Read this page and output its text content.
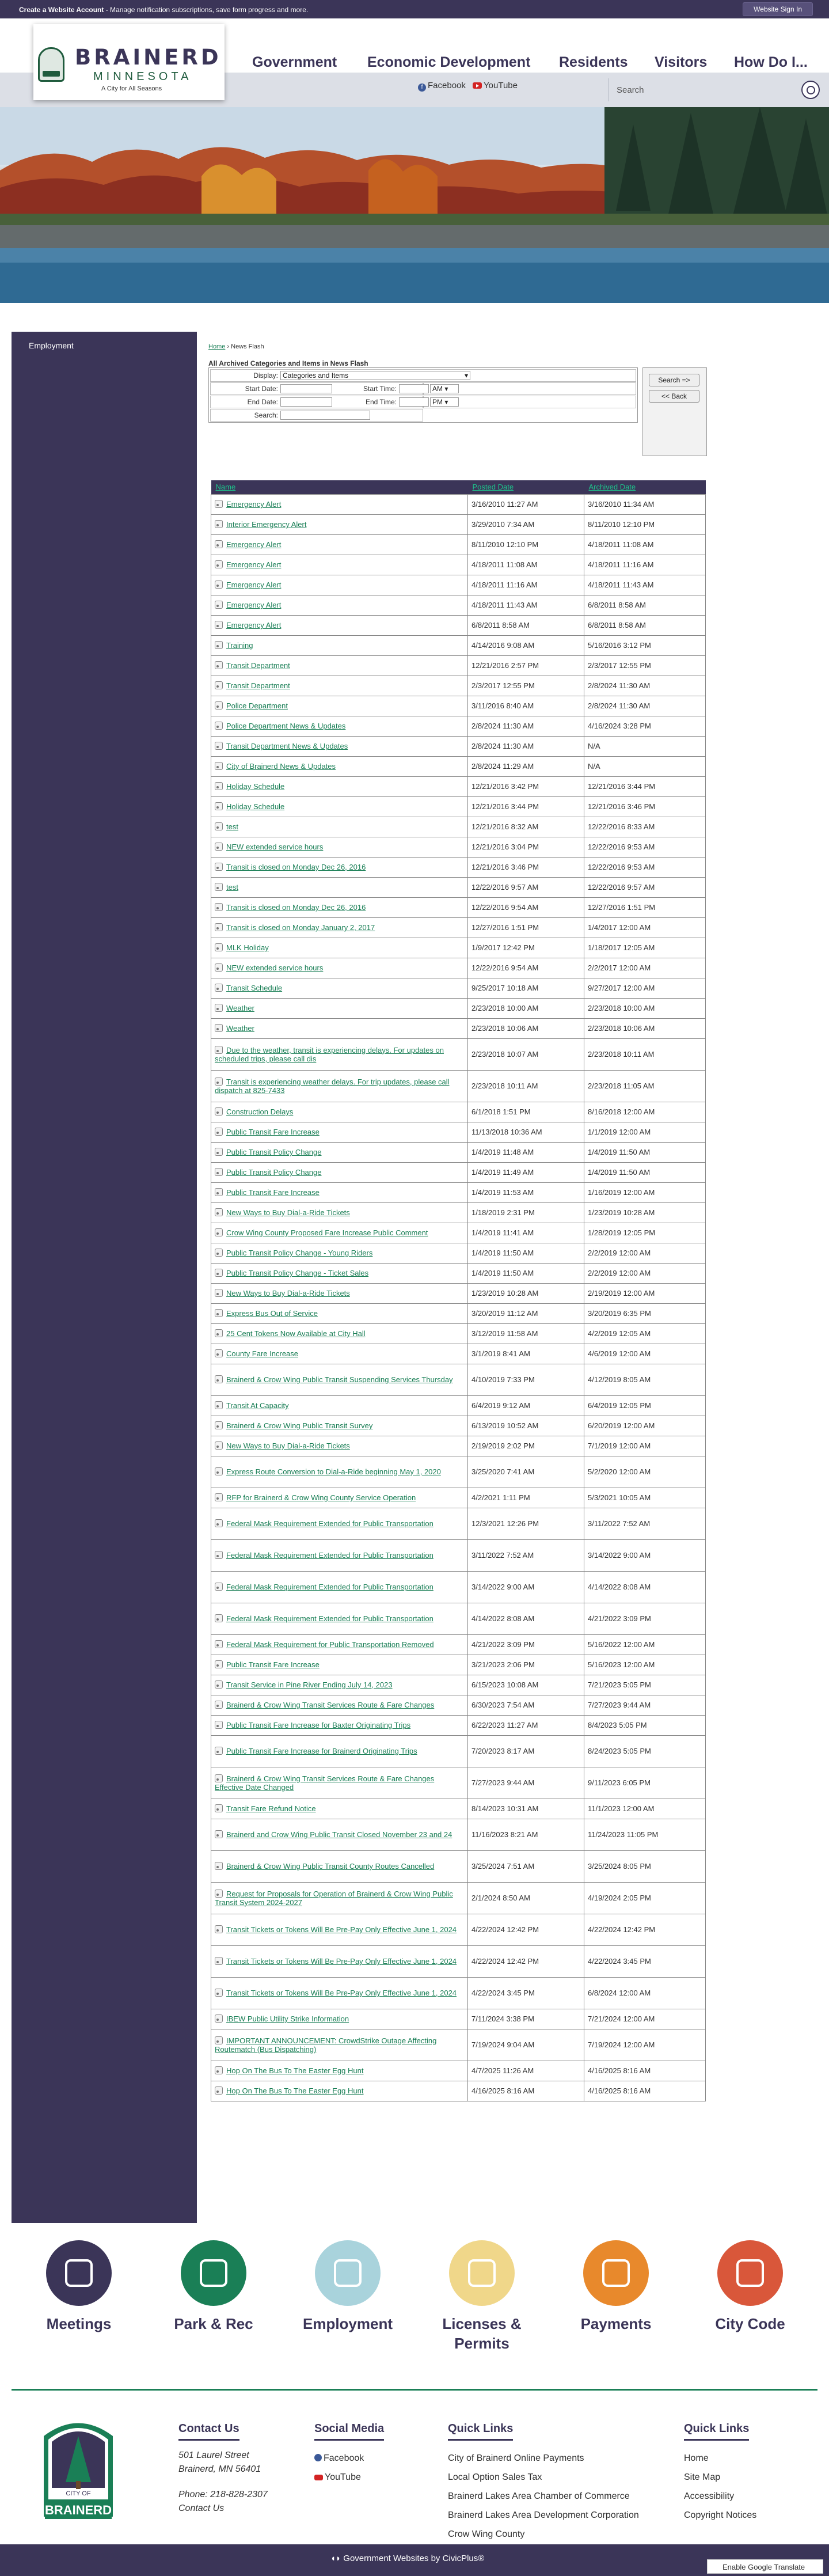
Create a Website Account - Manage notification subscriptions, save form progress and more.	Website Sign In
Government Economic Development Residents Visitors How Do I...
BRAINERD
MINNESOTA
A City for All Seasons	f Facebook YouTube	Search
Employment	Home › News Flash
All Archived Categories and Items in News Flash
Display: Categories and Items	▾
Start Date:	Start Time:	AM ▾
End Date:	End Time:	PM ▾
Search:
Search =>
<< Back
Name	Posted Date	Archived Date
Emergency Alert	3/16/2010 11:27 AM	3/16/2010 11:34 AM
Interior Emergency Alert	3/29/2010 7:34 AM	8/11/2010 12:10 PM
Emergency Alert	8/11/2010 12:10 PM	4/18/2011 11:08 AM
Emergency Alert	4/18/2011 11:08 AM	4/18/2011 11:16 AM
Emergency Alert	4/18/2011 11:16 AM	4/18/2011 11:43 AM
Emergency Alert	4/18/2011 11:43 AM	6/8/2011 8:58 AM
Emergency Alert	6/8/2011 8:58 AM	6/8/2011 8:58 AM
Training	4/14/2016 9:08 AM	5/16/2016 3:12 PM
Transit Department	12/21/2016 2:57 PM	2/3/2017 12:55 PM
Transit Department	2/3/2017 12:55 PM	2/8/2024 11:30 AM
Police Department	3/11/2016 8:40 AM	2/8/2024 11:30 AM
Police Department News & Updates	2/8/2024 11:30 AM	4/16/2024 3:28 PM
Transit Department News & Updates	2/8/2024 11:30 AM	N/A
City of Brainerd News & Updates	2/8/2024 11:29 AM	N/A
Holiday Schedule	12/21/2016 3:42 PM	12/21/2016 3:44 PM
Holiday Schedule	12/21/2016 3:44 PM	12/21/2016 3:46 PM
test	12/21/2016 8:32 AM	12/22/2016 8:33 AM
NEW extended service hours	12/21/2016 3:04 PM	12/22/2016 9:53 AM
Transit is closed on Monday Dec 26, 2016	12/21/2016 3:46 PM	12/22/2016 9:53 AM
test	12/22/2016 9:57 AM	12/22/2016 9:57 AM
Transit is closed on Monday Dec 26, 2016	12/22/2016 9:54 AM	12/27/2016 1:51 PM
Transit is closed on Monday January 2, 2017	12/27/2016 1:51 PM	1/4/2017 12:00 AM
MLK Holiday	1/9/2017 12:42 PM	1/18/2017 12:05 AM
NEW extended service hours	12/22/2016 9:54 AM	2/2/2017 12:00 AM
Transit Schedule	9/25/2017 10:18 AM	9/27/2017 12:00 AM
Weather	2/23/2018 10:00 AM	2/23/2018 10:00 AM
Weather	2/23/2018 10:06 AM	2/23/2018 10:06 AM
Due to the weather, transit is experiencing delays. For updates on scheduled trips, please call dis	2/23/2018 10:07 AM	2/23/2018 10:11 AM
Transit is experiencing weather delays. For trip updates, please call dispatch at 825-7433	2/23/2018 10:11 AM	2/23/2018 11:05 AM
Construction Delays	6/1/2018 1:51 PM	8/16/2018 12:00 AM
Public Transit Fare Increase	11/13/2018 10:36 AM	1/1/2019 12:00 AM
Public Transit Policy Change	1/4/2019 11:48 AM	1/4/2019 11:50 AM
Public Transit Policy Change	1/4/2019 11:49 AM	1/4/2019 11:50 AM
Public Transit Fare Increase	1/4/2019 11:53 AM	1/16/2019 12:00 AM
New Ways to Buy Dial-a-Ride Tickets	1/18/2019 2:31 PM	1/23/2019 10:28 AM
Crow Wing County Proposed Fare Increase Public Comment	1/4/2019 11:41 AM	1/28/2019 12:05 PM
Public Transit Policy Change - Young Riders	1/4/2019 11:50 AM	2/2/2019 12:00 AM
Public Transit Policy Change - Ticket Sales	1/4/2019 11:50 AM	2/2/2019 12:00 AM
New Ways to Buy Dial-a-Ride Tickets	1/23/2019 10:28 AM	2/19/2019 12:00 AM
Express Bus Out of Service	3/20/2019 11:12 AM	3/20/2019 6:35 PM
25 Cent Tokens Now Available at City Hall	3/12/2019 11:58 AM	4/2/2019 12:05 AM
County Fare Increase	3/1/2019 8:41 AM	4/6/2019 12:00 AM
Brainerd & Crow Wing Public Transit Suspending Services Thursday	4/10/2019 7:33 PM	4/12/2019 8:05 AM
Transit At Capacity	6/4/2019 9:12 AM	6/4/2019 12:05 PM
Brainerd & Crow Wing Public Transit Survey	6/13/2019 10:52 AM	6/20/2019 12:00 AM
New Ways to Buy Dial-a-Ride Tickets	2/19/2019 2:02 PM	7/1/2019 12:00 AM
Express Route Conversion to Dial-a-Ride beginning May 1, 2020	3/25/2020 7:41 AM	5/2/2020 12:00 AM
RFP for Brainerd & Crow Wing County Service Operation	4/2/2021 1:11 PM	5/3/2021 10:05 AM
Federal Mask Requirement Extended for Public Transportation	12/3/2021 12:26 PM	3/11/2022 7:52 AM
Federal Mask Requirement Extended for Public Transportation	3/11/2022 7:52 AM	3/14/2022 9:00 AM
Federal Mask Requirement Extended for Public Transportation	3/14/2022 9:00 AM	4/14/2022 8:08 AM
Federal Mask Requirement Extended for Public Transportation	4/14/2022 8:08 AM	4/21/2022 3:09 PM
Federal Mask Requirement for Public Transportation Removed	4/21/2022 3:09 PM	5/16/2022 12:00 AM
Public Transit Fare Increase	3/21/2023 2:06 PM	5/16/2023 12:00 AM
Transit Service in Pine River Ending July 14, 2023	6/15/2023 10:08 AM	7/21/2023 5:05 PM
Brainerd & Crow Wing Transit Services Route & Fare Changes	6/30/2023 7:54 AM	7/27/2023 9:44 AM
Public Transit Fare Increase for Baxter Originating Trips	6/22/2023 11:27 AM	8/4/2023 5:05 PM
Public Transit Fare Increase for Brainerd Originating Trips	7/20/2023 8:17 AM	8/24/2023 5:05 PM
Brainerd & Crow Wing Transit Services Route & Fare Changes Effective Date Changed	7/27/2023 9:44 AM	9/11/2023 6:05 PM
Transit Fare Refund Notice	8/14/2023 10:31 AM	11/1/2023 12:00 AM
Brainerd and Crow Wing Public Transit Closed November 23 and 24	11/16/2023 8:21 AM	11/24/2023 11:05 PM
Brainerd & Crow Wing Public Transit County Routes Cancelled	3/25/2024 7:51 AM	3/25/2024 8:05 PM
Request for Proposals for Operation of Brainerd & Crow Wing Public Transit System 2024-2027	2/1/2024 8:50 AM	4/19/2024 2:05 PM
Transit Tickets or Tokens Will Be Pre-Pay Only Effective June 1, 2024	4/22/2024 12:42 PM	4/22/2024 12:42 PM
Transit Tickets or Tokens Will Be Pre-Pay Only Effective June 1, 2024	4/22/2024 12:42 PM	4/22/2024 3:45 PM
Transit Tickets or Tokens Will Be Pre-Pay Only Effective June 1, 2024	4/22/2024 3:45 PM	6/8/2024 12:00 AM
IBEW Public Utility Strike Information	7/11/2024 3:38 PM	7/21/2024 12:00 AM
IMPORTANT ANNOUNCEMENT: CrowdStrike Outage Affecting Routematch (Bus Dispatching)	7/19/2024 9:04 AM	7/19/2024 12:00 AM
Hop On The Bus To The Easter Egg Hunt	4/7/2025 11:26 AM	4/16/2025 8:16 AM
Hop On The Bus To The Easter Egg Hunt	4/16/2025 8:16 AM	4/16/2025 8:16 AM
Meetings	Park & Rec	Employment	Licenses & Permits
Payments	City Code
CITY OF
BRAINERD
Contact Us
501 Laurel Street
Brainerd, MN 56401
Phone: 218-828-2307
Contact Us
Social Media
Facebook
YouTube
Quick Links
City of Brainerd Online Payments
Local Option Sales Tax
Brainerd Lakes Area Chamber of Commerce
Brainerd Lakes Area Development Corporation
Crow Wing County
Quick Links
Home
Site Map
Accessibility
Copyright Notices
◖◗ Government Websites by CivicPlus®
Enable Google Translate
